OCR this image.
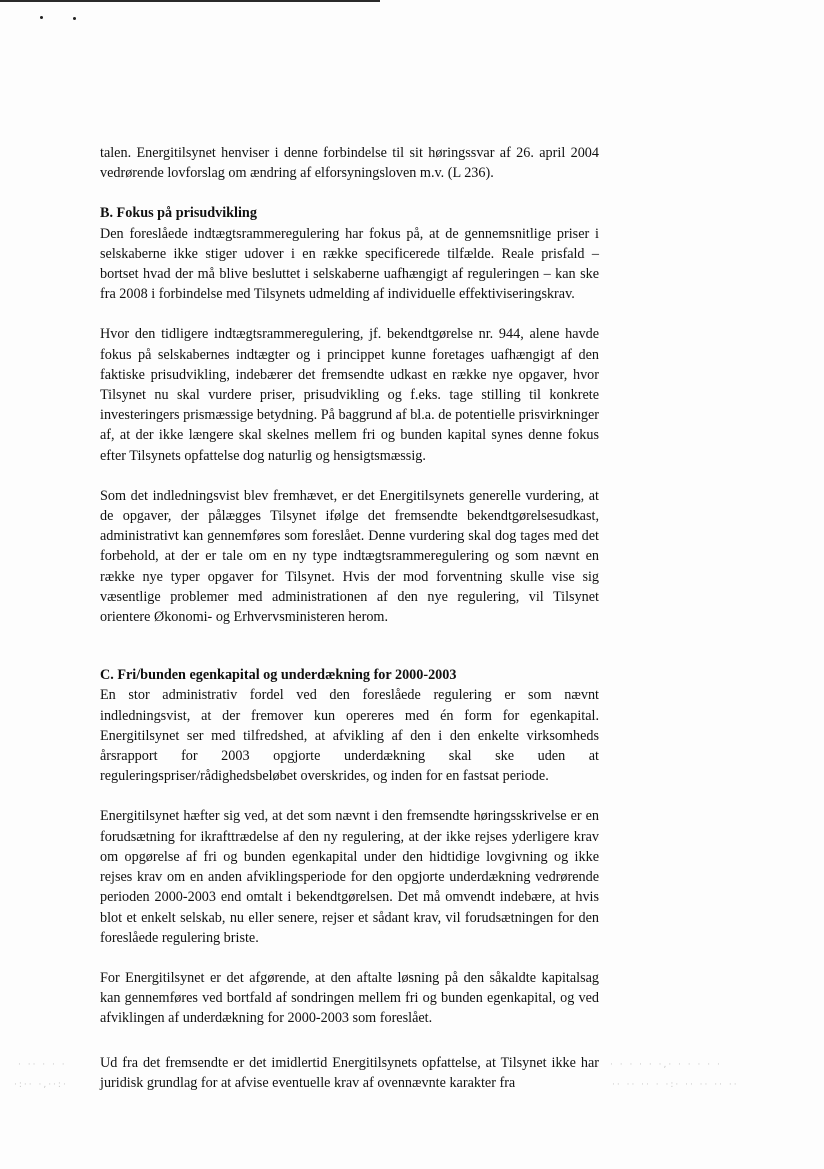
talen. Energitilsynet henviser i denne forbindelse til sit høringssvar af 26. april 2004 vedrørende lovforslag om ændring af elforsyningsloven m.v. (L 236).

B. Fokus på prisudvikling

Den foreslåede indtægtsrammeregulering har fokus på, at de gennemsnitlige priser i selskaberne ikke stiger udover i en række specificerede tilfælde. Reale prisfald – bortset hvad der må blive besluttet i selskaberne uafhængigt af reguleringen – kan ske fra 2008 i forbindelse med Tilsynets udmelding af individuelle effektiviseringskrav.

Hvor den tidligere indtægtsrammeregulering, jf. bekendtgørelse nr. 944, alene havde fokus på selskabernes indtægter og i princippet kunne foretages uafhængigt af den faktiske prisudvikling, indebærer det fremsendte udkast en række nye opgaver, hvor Tilsynet nu skal vurdere priser, prisudvikling og f.eks. tage stilling til konkrete investeringers prismæssige betydning. På baggrund af bl.a. de potentielle prisvirkninger af, at der ikke længere skal skelnes mellem fri og bunden kapital synes denne fokus efter Tilsynets opfattelse dog naturlig og hensigtsmæssig.

Som det indledningsvist blev fremhævet, er det Energitilsynets generelle vurdering, at de opgaver, der pålægges Tilsynet ifølge det fremsendte bekendtgørelsesudkast, administrativt kan gennemføres som foreslået. Denne vurdering skal dog tages med det forbehold, at der er tale om en ny type indtægtsrammeregulering og som nævnt en række nye typer opgaver for Tilsynet. Hvis der mod forventning skulle vise sig væsentlige problemer med administrationen af den nye regulering, vil Tilsynet orientere Økonomi- og Erhvervsministeren herom.

C. Fri/bunden egenkapital og underdækning for 2000-2003

En stor administrativ fordel ved den foreslåede regulering er som nævnt indledningsvist, at der fremover kun opereres med én form for egenkapital. Energitilsynet ser med tilfredshed, at afvikling af den i den enkelte virksomheds årsrapport for 2003 opgjorte underdækning skal ske uden at reguleringspriser/rådighedsbeløbet overskrides, og inden for en fastsat periode.

Energitilsynet hæfter sig ved, at det som nævnt i den fremsendte høringsskrivelse er en forudsætning for ikrafttrædelse af den ny regulering, at der ikke rejses yderligere krav om opgørelse af fri og bunden egenkapital under den hidtidige lovgivning og ikke rejses krav om en anden afviklingsperiode for den opgjorte underdækning vedrørende perioden 2000-2003 end omtalt i bekendtgørelsen. Det må omvendt indebære, at hvis blot et enkelt selskab, nu eller senere, rejser et sådant krav, vil forudsætningen for den foreslåede regulering briste.

For Energitilsynet er det afgørende, at den aftalte løsning på den såkaldte kapitalsag kan gennemføres ved bortfald af sondringen mellem fri og bunden egenkapital, og ved afviklingen af underdækning for 2000-2003 som foreslået.

Ud fra det fremsendte er det imidlertid Energitilsynets opfattelse, at Tilsynet ikke har juridisk grundlag for at afvise eventuelle krav af ovennævnte karakter fra

· ·· · · ·
·:·· ·,··:·
· · · · · ·,· · · · · ·
·· ·· ·· · ·:· ·· ·· ·· ··
